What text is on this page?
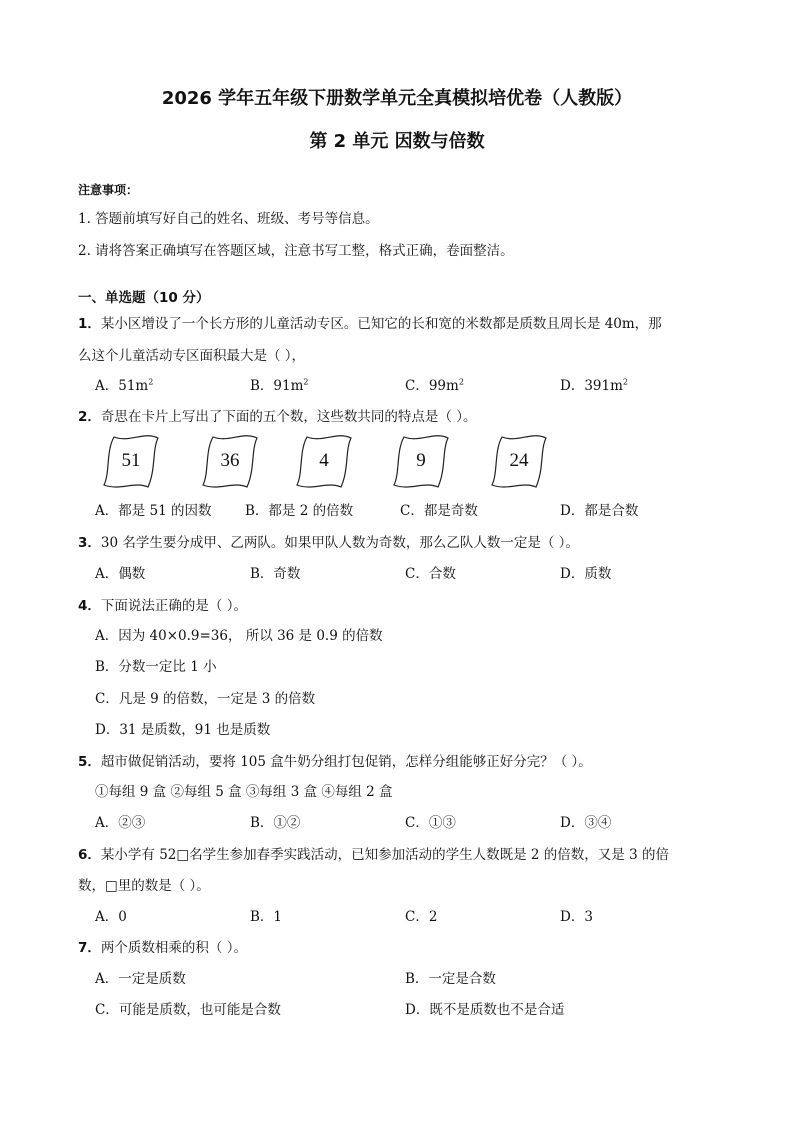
2026 学年五年级下册数学单元全真模拟培优卷（人教版）
第 2 单元 因数与倍数
注意事项：
1. 答题前填写好自己的姓名、班级、考号等信息。
2. 请将答案正确填写在答题区域，注意书写工整，格式正确，卷面整洁。
一、单选题（10 分）
1．某小区增设了一个长方形的儿童活动专区。已知它的长和宽的米数都是质数且周长是 40m，那
么这个儿童活动专区面积最大是（ ），
A．$51m^2$	B．$91m^2$	C．$99m^2$	D．$391m^2$
2．奇思在卡片上写出了下面的五个数，这些数共同的特点是（ ）。
51	36	4	9	24
A．都是 51 的因数 B．都是 2 的倍数	C．都是奇数	D．都是合数
3．30 名学生要分成甲、乙两队。如果甲队人数为奇数，那么乙队人数一定是（ ）。
A．偶数	B．奇数	C．合数	D．质数
4．下面说法正确的是（ ）。
A．因为 40×0.9=36， 所以 36 是 0.9 的倍数
B．分数一定比 1 小
C．凡是 9 的倍数，一定是 3 的倍数
D．31 是质数，91 也是质数
5．超市做促销活动，要将 105 盒牛奶分组打包促销，怎样分组能够正好分完？（ ）。
①每组 9 盒 ②每组 5 盒 ③每组 3 盒 ④每组 2 盒
A．②③	B．①②	C．①③	D．③④
6．某小学有 52□名学生参加春季实践活动，已知参加活动的学生人数既是 2 的倍数，又是 3 的倍
数，□里的数是（ ）。
A．0	B．1	C．2	D．3
7．两个质数相乘的积（ ）。
A．一定是质数	B．一定是合数
C．可能是质数，也可能是合数	D．既不是质数也不是合适
